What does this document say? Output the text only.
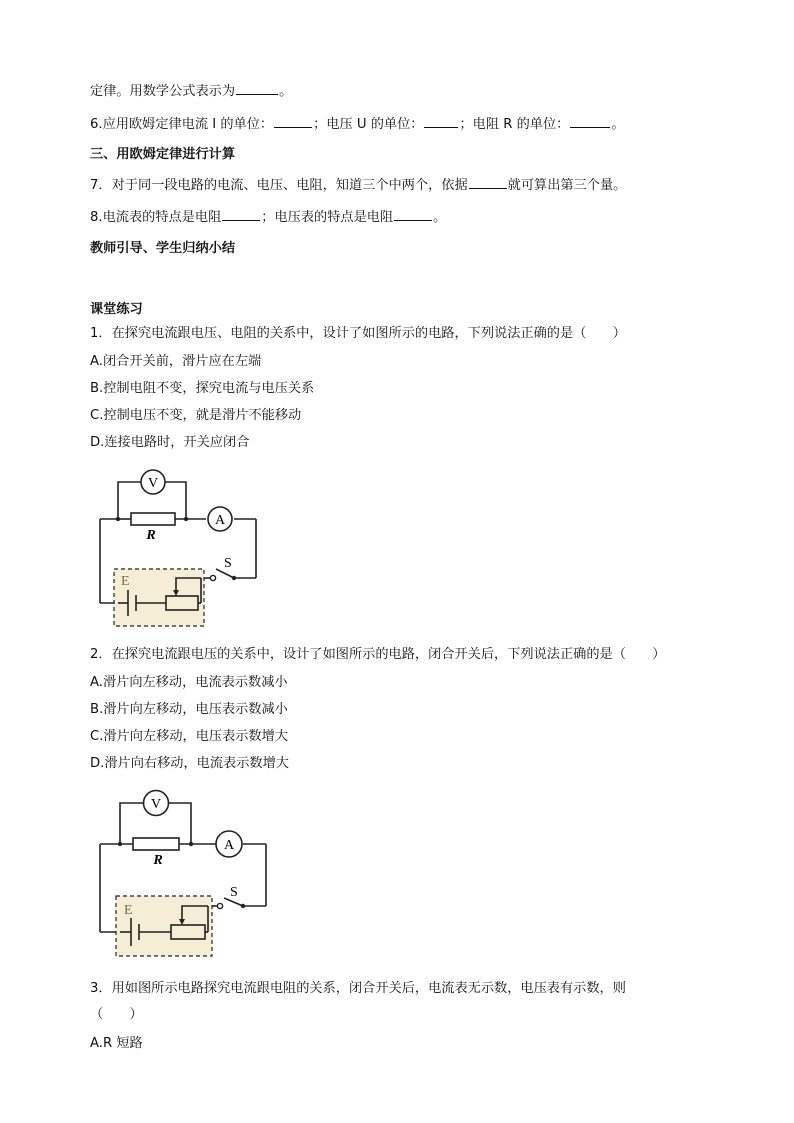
定律。用数学公式表示为	。
6.应用欧姆定律电流 I 的单位：	；电压 U 的单位：	；电阻 R 的单位：	。
三、用欧姆定律进行计算
7．对于同一段电路的电流、电压、电阻，知道三个中两个，依据	就可算出第三个量。
8.电流表的特点是电阻	；电压表的特点是电阻	。
教师引导、学生归纳小结
课堂练习
1．在探究电流跟电压、电阻的关系中，设计了如图所示的电路，下列说法正确的是（　　）
A.闭合开关前，滑片应在左端
B.控制电阻不变，探究电流与电压关系
C.控制电压不变，就是滑片不能移动
D.连接电路时，开关应闭合
V
A
R
S
E
2．在探究电流跟电压的关系中，设计了如图所示的电路，闭合开关后，下列说法正确的是（　　）
A.滑片向左移动，电流表示数减小
B.滑片向左移动，电压表示数减小
C.滑片向左移动，电压表示数增大
D.滑片向右移动，电流表示数增大
V
A
R
S
E
3．用如图所示电路探究电流跟电阻的关系，闭合开关后，电流表无示数，电压表有示数，则
（　　）
A.R 短路
